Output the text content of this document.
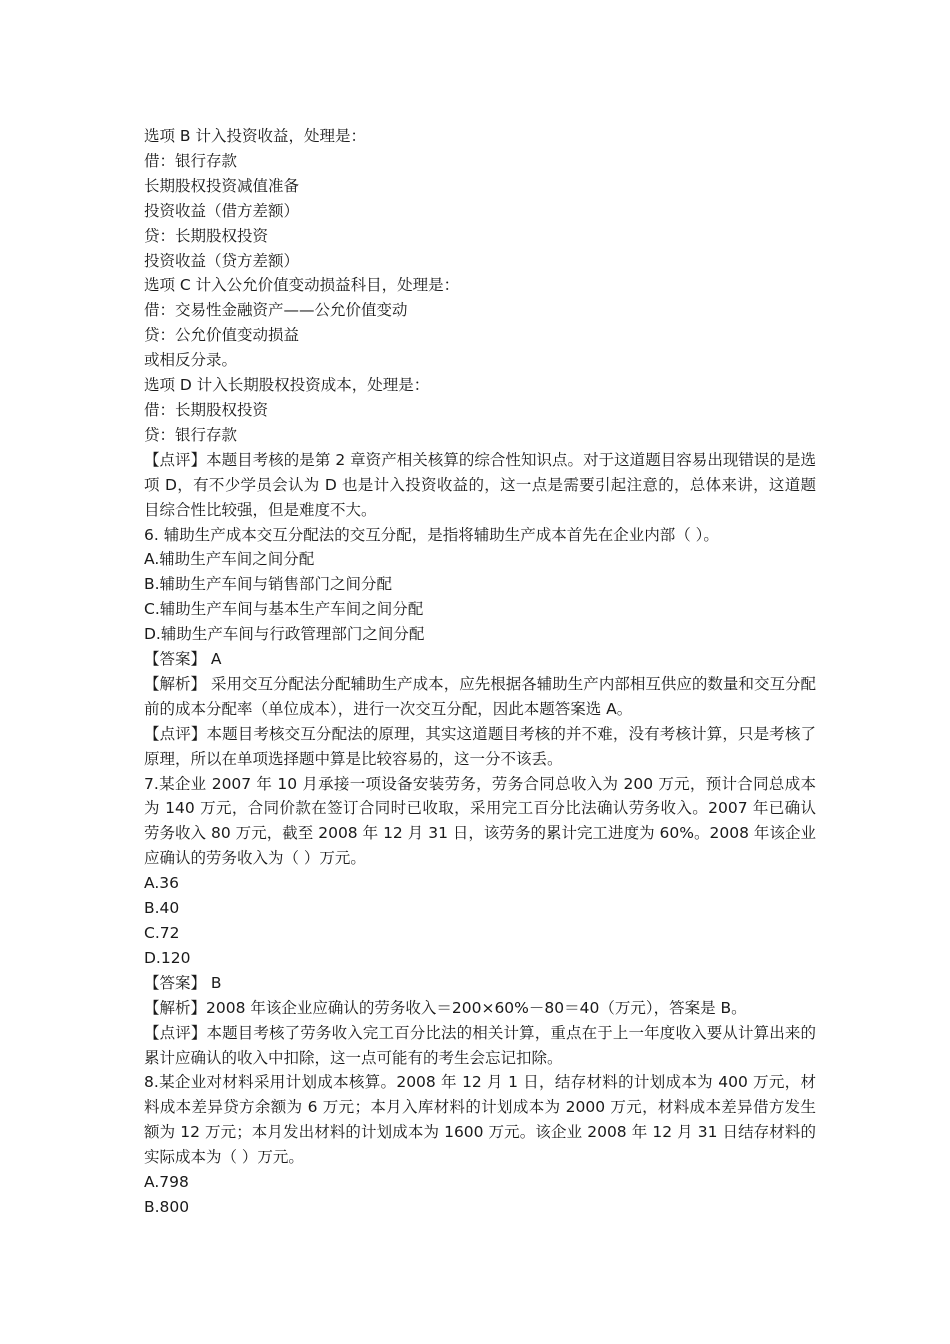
选项 B 计入投资收益，处理是：

借：银行存款

长期股权投资减值准备

投资收益（借方差额）

贷：长期股权投资

投资收益（贷方差额）

选项 C 计入公允价值变动损益科目，处理是：

借：交易性金融资产——公允价值变动

贷：公允价值变动损益

或相反分录。

选项 D 计入长期股权投资成本，处理是：

借：长期股权投资

贷：银行存款

【点评】本题目考核的是第 2 章资产相关核算的综合性知识点。对于这道题目容易出现错误的是选项 D，有不少学员会认为 D 也是计入投资收益的，这一点是需要引起注意的，总体来讲，这道题目综合性比较强，但是难度不大。

6. 辅助生产成本交互分配法的交互分配，是指将辅助生产成本首先在企业内部（ ）。

A.辅助生产车间之间分配

B.辅助生产车间与销售部门之间分配

C.辅助生产车间与基本生产车间之间分配

D.辅助生产车间与行政管理部门之间分配

【答案】 A

【解析】 采用交互分配法分配辅助生产成本，应先根据各辅助生产内部相互供应的数量和交互分配前的成本分配率（单位成本），进行一次交互分配，因此本题答案选 A。

【点评】本题目考核交互分配法的原理，其实这道题目考核的并不难，没有考核计算，只是考核了原理，所以在单项选择题中算是比较容易的，这一分不该丢。

7.某企业 2007 年 10 月承接一项设备安装劳务，劳务合同总收入为 200 万元，预计合同总成本为 140 万元，合同价款在签订合同时已收取，采用完工百分比法确认劳务收入。2007 年已确认劳务收入 80 万元，截至 2008 年 12 月 31 日，该劳务的累计完工进度为 60%。2008 年该企业应确认的劳务收入为（ ）万元。

A.36

B.40

C.72

D.120

【答案】 B

【解析】2008 年该企业应确认的劳务收入＝200×60%－80＝40（万元），答案是 B。

【点评】本题目考核了劳务收入完工百分比法的相关计算，重点在于上一年度收入要从计算出来的累计应确认的收入中扣除，这一点可能有的考生会忘记扣除。

8.某企业对材料采用计划成本核算。2008 年 12 月 1 日，结存材料的计划成本为 400 万元，材料成本差异贷方余额为 6 万元；本月入库材料的计划成本为 2000 万元，材料成本差异借方发生额为 12 万元；本月发出材料的计划成本为 1600 万元。该企业 2008 年 12 月 31 日结存材料的实际成本为（ ）万元。

A.798

B.800
